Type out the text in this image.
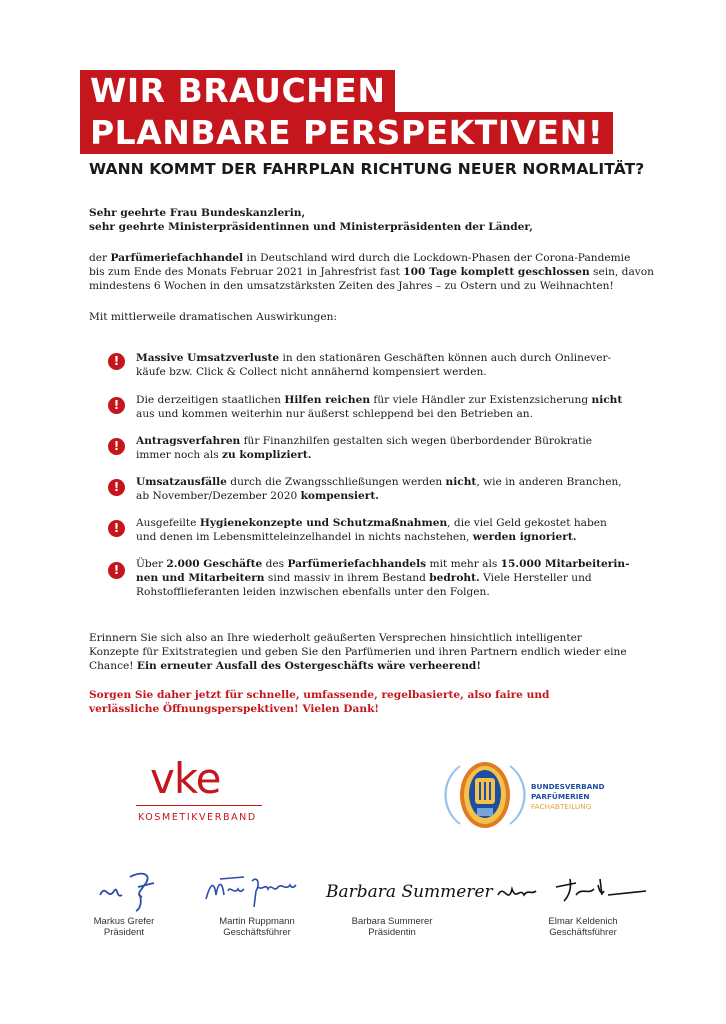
WIR BRAUCHEN
PLANBARE PERSPEKTIVEN!
WANN KOMMT DER FAHRPLAN RICHTUNG NEUER NORMALITÄT?
Sehr geehrte Frau Bundeskanzlerin,
sehr geehrte Ministerpräsidentinnen und Ministerpräsidenten der Länder,
der Parfümeriefachhandel in Deutschland wird durch die Lockdown-Phasen der Corona-Pandemie
bis zum Ende des Monats Februar 2021 in Jahresfrist fast 100 Tage komplett geschlossen sein, davon
mindestens 6 Wochen in den umsatzstärksten Zeiten des Jahres – zu Ostern und zu Weihnachten!
Mit mittlerweile dramatischen Auswirkungen:
!	Massive Umsatzverluste in den stationären Geschäften können auch durch Onlinever-
käufe bzw. Click & Collect nicht annähernd kompensiert werden.
!	Die derzeitigen staatlichen Hilfen reichen für viele Händler zur Existenzsicherung nicht
aus und kommen weiterhin nur äußerst schleppend bei den Betrieben an.
!	Antragsverfahren für Finanzhilfen gestalten sich wegen überbordender Bürokratie
immer noch als zu kompliziert.
!	Umsatzausfälle durch die Zwangsschließungen werden nicht, wie in anderen Branchen,
ab November/Dezember 2020 kompensiert.
!	Ausgefeilte Hygienekonzepte und Schutzmaßnahmen, die viel Geld gekostet haben
und denen im Lebensmitteleinzelhandel in nichts nachstehen, werden ignoriert.
!	Über 2.000 Geschäfte des Parfümeriefachhandels mit mehr als 15.000 Mitarbeiterin-
nen und Mitarbeitern sind massiv in ihrem Bestand bedroht. Viele Hersteller und
Rohstofflieferanten leiden inzwischen ebenfalls unter den Folgen.
Erinnern Sie sich also an Ihre wiederholt geäußerten Versprechen hinsichtlich intelligenter
Konzepte für Exitstrategien und geben Sie den Parfümerien und ihren Partnern endlich wieder eine
Chance! Ein erneuter Ausfall des Ostergeschäfts wäre verheerend!
Sorgen Sie daher jetzt für schnelle, umfassende, regelbasierte, also faire und
verlässliche Öffnungsperspektiven! Vielen Dank!
vke
KOSMETIKVERBAND
BUNDESVERBAND
PARFÜMERIEN
FACHABTEILUNG
Barbara Summerer
Markus Grefer
Präsident
Martin Ruppmann
Geschäftsführer
Barbara Summerer
Präsidentin
Elmar Keldenich
Geschäftsführer
